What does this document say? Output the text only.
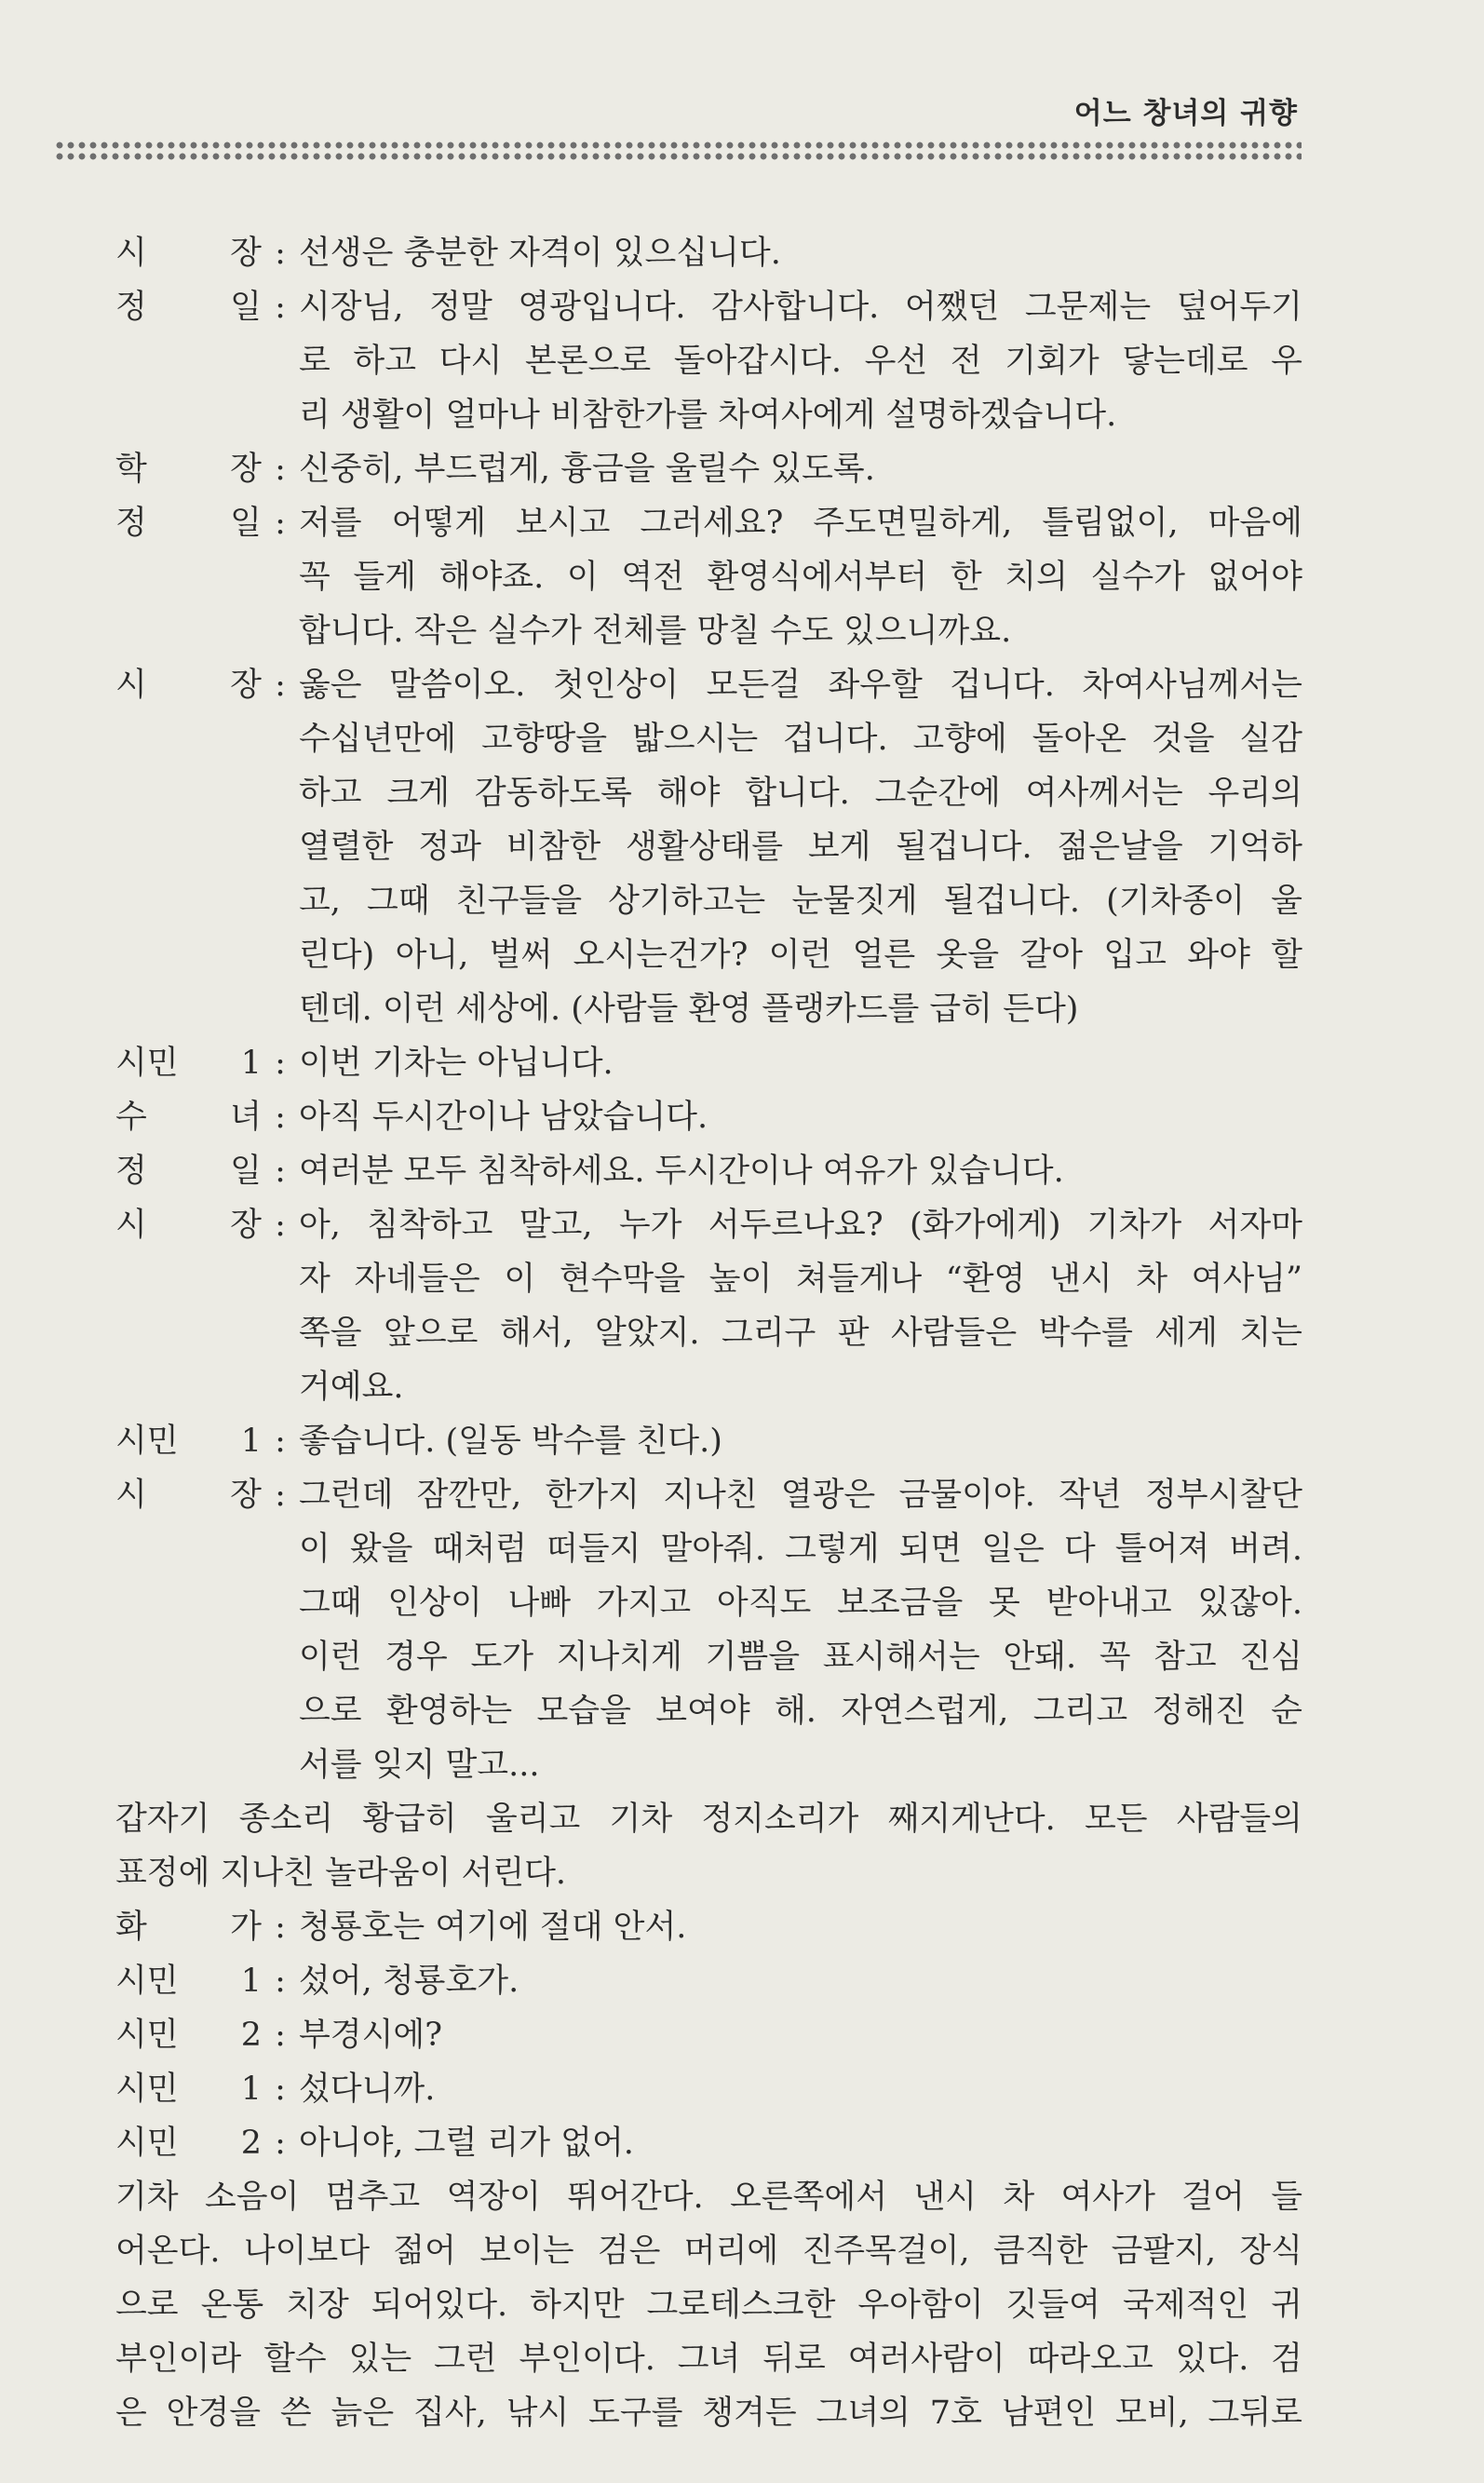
어느 창녀의 귀향
시 장 : 선생은 충분한 자격이 있으십니다.
정 일 : 시장님, 정말 영광입니다. 감사합니다. 어쨌던 그문제는 덮어두기
로 하고 다시 본론으로 돌아갑시다. 우선 전 기회가 닿는데로 우
리 생활이 얼마나 비참한가를 차여사에게 설명하겠습니다.
학 장 : 신중히, 부드럽게, 흉금을 울릴수 있도록.
정 일 : 저를 어떻게 보시고 그러세요? 주도면밀하게, 틀림없이, 마음에
꼭 들게 해야죠. 이 역전 환영식에서부터 한 치의 실수가 없어야
합니다. 작은 실수가 전체를 망칠 수도 있으니까요.
시 장 : 옳은 말씀이오. 첫인상이 모든걸 좌우할 겁니다. 차여사님께서는
수십년만에 고향땅을 밟으시는 겁니다. 고향에 돌아온 것을 실감
하고 크게 감동하도록 해야 합니다. 그순간에 여사께서는 우리의
열렬한 정과 비참한 생활상태를 보게 될겁니다. 젊은날을 기억하
고, 그때 친구들을 상기하고는 눈물짓게 될겁니다. (기차종이 울
린다) 아니, 벌써 오시는건가? 이런 얼른 옷을 갈아 입고 와야 할
텐데. 이런 세상에. (사람들 환영 플랭카드를 급히 든다)
시민 1 : 이번 기차는 아닙니다.
수 녀 : 아직 두시간이나 남았습니다.
정 일 : 여러분 모두 침착하세요. 두시간이나 여유가 있습니다.
시 장 : 아, 침착하고 말고, 누가 서두르나요? (화가에게) 기차가 서자마
자 자네들은 이 현수막을 높이 쳐들게나 “환영 낸시 차 여사님”
쪽을 앞으로 해서, 알았지. 그리구 판 사람들은 박수를 세게 치는
거예요.
시민 1 : 좋습니다. (일동 박수를 친다.)
시 장 : 그런데 잠깐만, 한가지 지나친 열광은 금물이야. 작년 정부시찰단
이 왔을 때처럼 떠들지 말아줘. 그렇게 되면 일은 다 틀어져 버려.
그때 인상이 나빠 가지고 아직도 보조금을 못 받아내고 있잖아.
이런 경우 도가 지나치게 기쁨을 표시해서는 안돼. 꼭 참고 진심
으로 환영하는 모습을 보여야 해. 자연스럽게, 그리고 정해진 순
서를 잊지 말고...
갑자기 종소리 황급히 울리고 기차 정지소리가 째지게난다. 모든 사람들의
표정에 지나친 놀라움이 서린다.
화 가 : 청룡호는 여기에 절대 안서.
시민 1 : 섰어, 청룡호가.
시민 2 : 부경시에?
시민 1 : 섰다니까.
시민 2 : 아니야, 그럴 리가 없어.
기차 소음이 멈추고 역장이 뛰어간다. 오른쪽에서 낸시 차 여사가 걸어 들
어온다. 나이보다 젊어 보이는 검은 머리에 진주목걸이, 큼직한 금팔지, 장식
으로 온통 치장 되어있다. 하지만 그로테스크한 우아함이 깃들여 국제적인 귀
부인이라 할수 있는 그런 부인이다. 그녀 뒤로 여러사람이 따라오고 있다. 검
은 안경을 쓴 늙은 집사, 낚시 도구를 챙겨든 그녀의 7호 남편인 모비, 그뒤로
